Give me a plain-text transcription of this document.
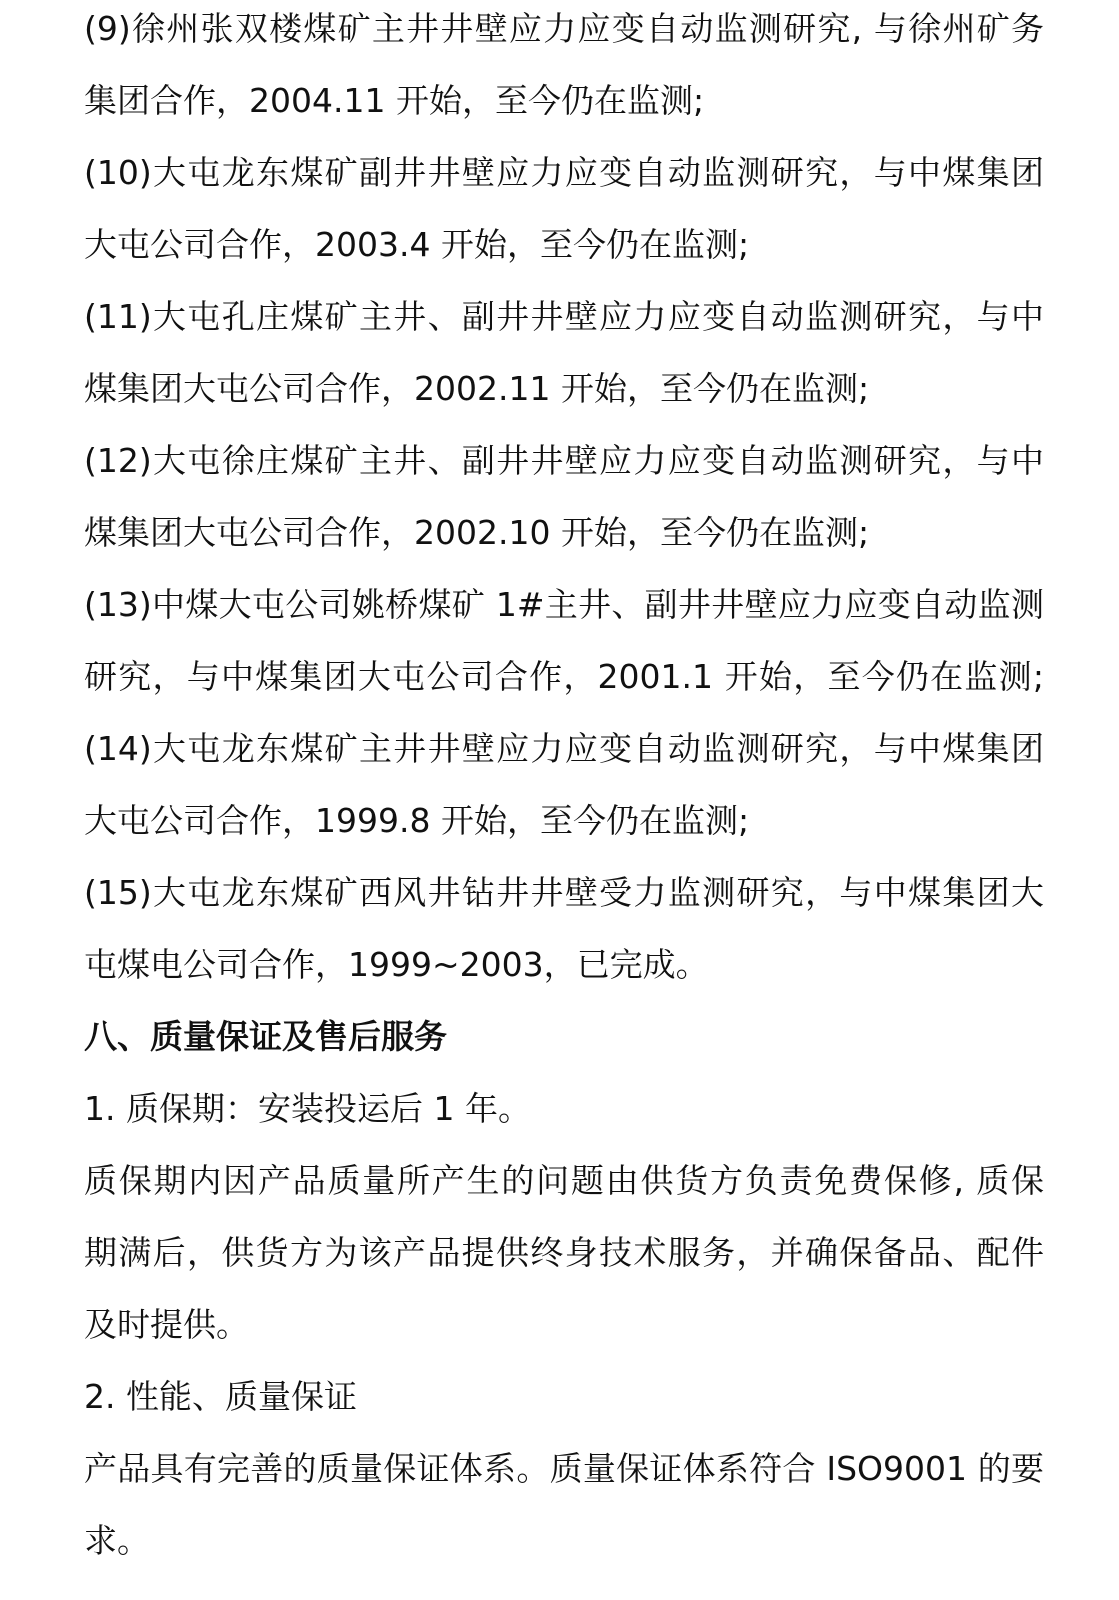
(9)徐州张双楼煤矿主井井壁应力应变自动监测研究, 与徐州矿务
集团合作，2004.11 开始，至今仍在监测;
(10)大屯龙东煤矿副井井壁应力应变自动监测研究，与中煤集团
大屯公司合作，2003.4 开始，至今仍在监测;
(11)大屯孔庄煤矿主井、副井井壁应力应变自动监测研究，与中
煤集团大屯公司合作，2002.11 开始，至今仍在监测;
(12)大屯徐庄煤矿主井、副井井壁应力应变自动监测研究，与中
煤集团大屯公司合作，2002.10 开始，至今仍在监测;
(13)中煤大屯公司姚桥煤矿 1#主井、副井井壁应力应变自动监测
研究，与中煤集团大屯公司合作，2001.1 开始，至今仍在监测;
(14)大屯龙东煤矿主井井壁应力应变自动监测研究，与中煤集团
大屯公司合作，1999.8 开始，至今仍在监测;
(15)大屯龙东煤矿西风井钻井井壁受力监测研究，与中煤集团大
屯煤电公司合作，1999~2003，已完成。
八、质量保证及售后服务
1. 质保期：安装投运后 1 年。
质保期内因产品质量所产生的问题由供货方负责免费保修, 质保
期满后，供货方为该产品提供终身技术服务，并确保备品、配件
及时提供。
2. 性能、质量保证
产品具有完善的质量保证体系。质量保证体系符合 ISO9001 的要
求。
